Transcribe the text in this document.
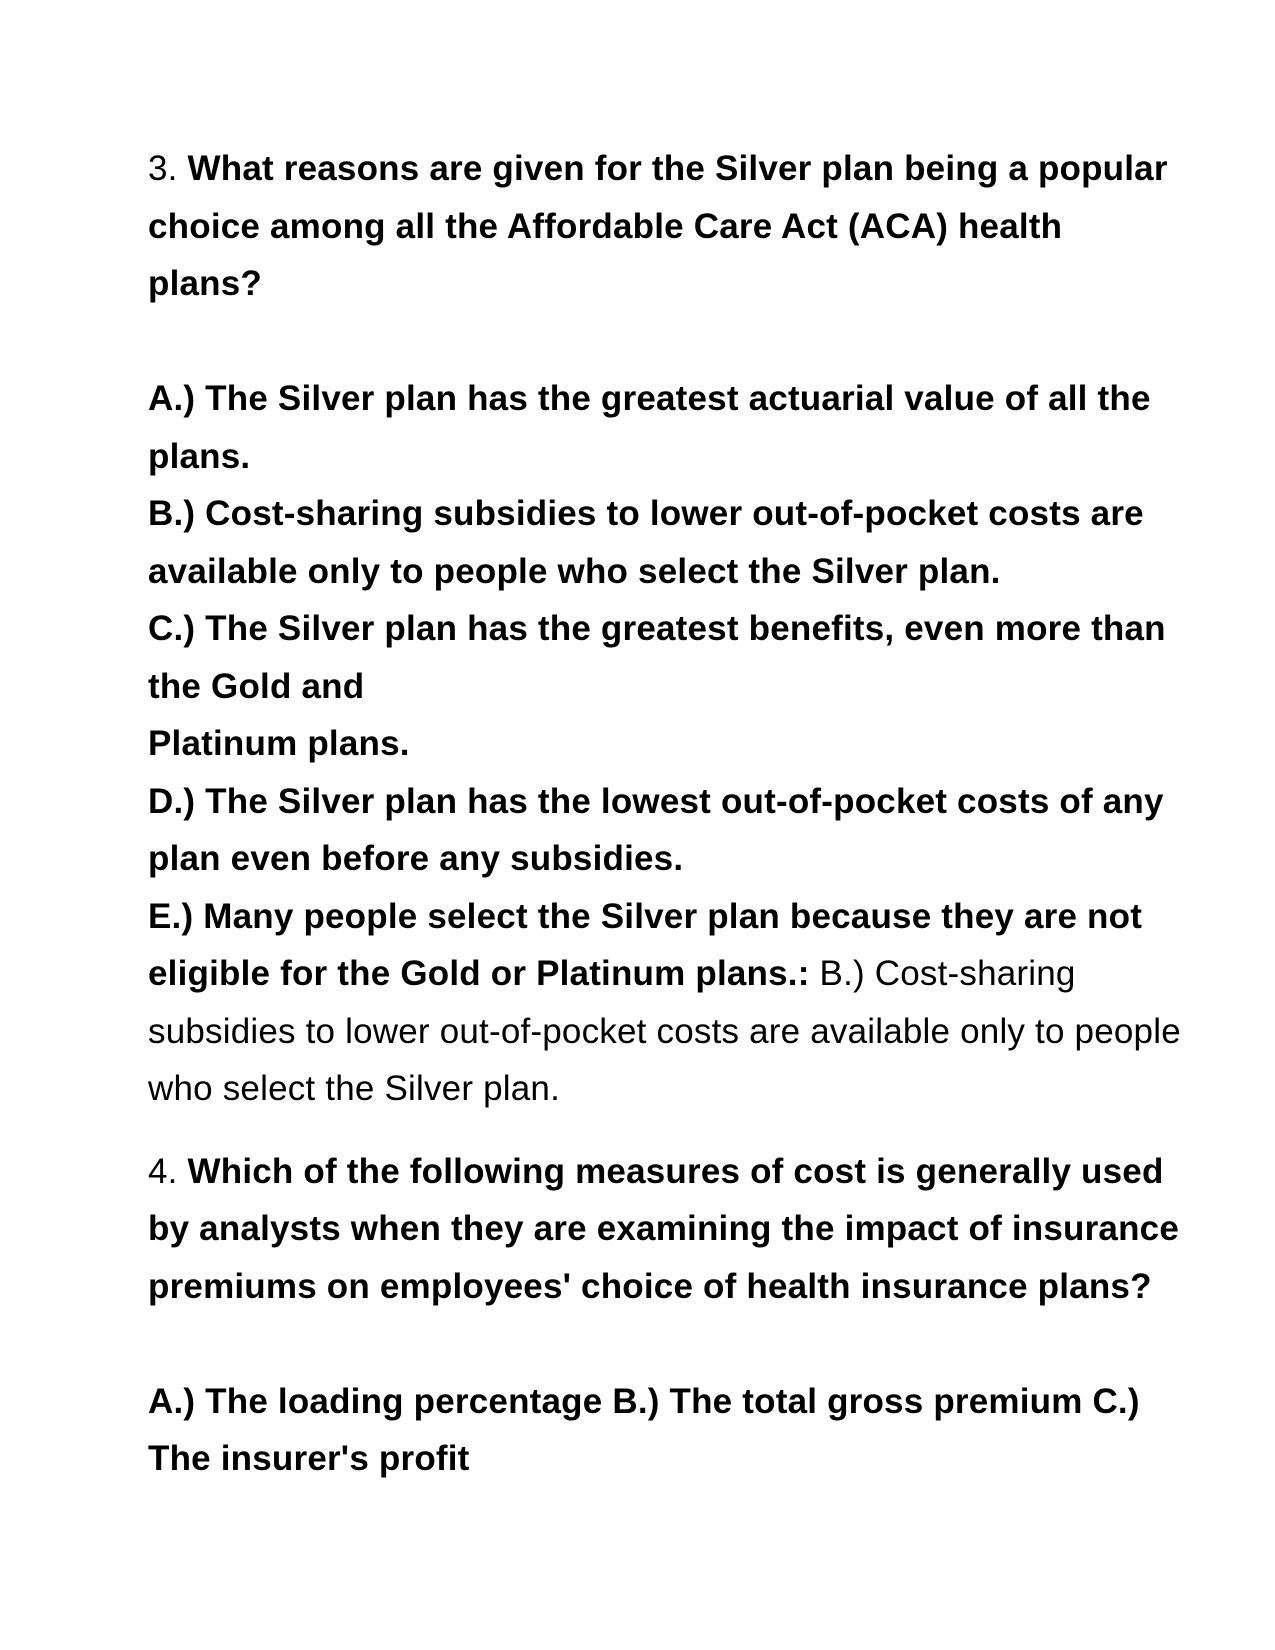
3. What reasons are given for the Silver plan being a popular
choice among all the Affordable Care Act (ACA) health
plans?
A.) The Silver plan has the greatest actuarial value of all the
plans.
B.) Cost-sharing subsidies to lower out-of-pocket costs are
available only to people who select the Silver plan.
C.) The Silver plan has the greatest benefits, even more than
the Gold and
Platinum plans.
D.) The Silver plan has the lowest out-of-pocket costs of any
plan even before any subsidies.
E.) Many people select the Silver plan because they are not
eligible for the Gold or Platinum plans.: B.) Cost-sharing
subsidies to lower out-of-pocket costs are available only to people
who select the Silver plan.
4. Which of the following measures of cost is generally used
by analysts when they are examining the impact of insurance
premiums on employees' choice of health insurance plans?
A.) The loading percentage B.) The total gross premium C.)
The insurer's profit
